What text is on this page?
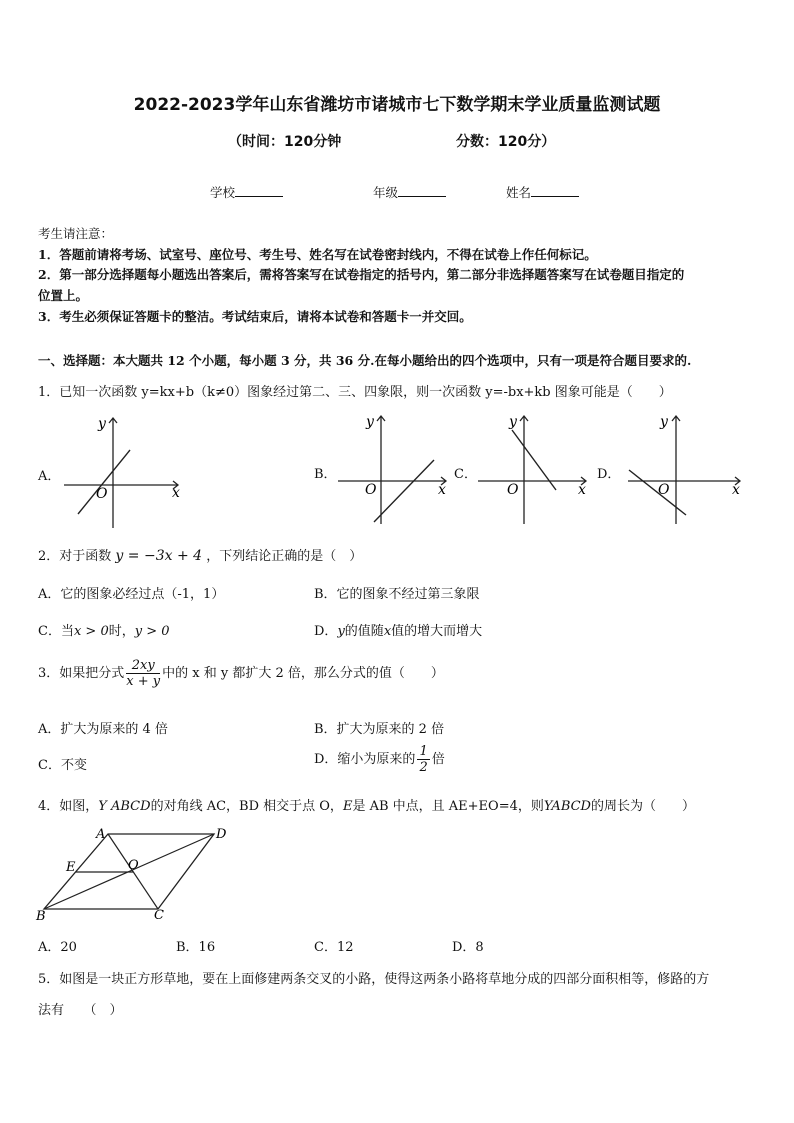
2022-2023学年山东省潍坊市诸城市七下数学期末学业质量监测试题
（时间：120分钟	分数：120分）
学校	年级	姓名
考生请注意：
1．答题前请将考场、试室号、座位号、考生号、姓名写在试卷密封线内，不得在试卷上作任何标记。
2．第一部分选择题每小题选出答案后，需将答案写在试卷指定的括号内，第二部分非选择题答案写在试卷题目指定的
位置上。
3．考生必须保证答题卡的整洁。考试结束后，请将本试卷和答题卡一并交回。
一、选择题：本大题共 12 个小题，每小题 3 分，共 36 分.在每小题给出的四个选项中，只有一项是符合题目要求的.
1．已知一次函数 y=kx+b（k≠0）图象经过第二、三、四象限，则一次函数 y=-bx+kb 图象可能是（　　）
A．	B．	C．	D．
y
x
O
y
x
O
y
x
O
y
x
O
2．对于函数 y = −3x + 4 ，下列结论正确的是（　）
A．它的图象必经过点（-1，1）	B．它的图象不经过第三象限
C．当x > 0时，y > 0	D．y的值随x值的增大而增大
3．如果把分式 $\frac{2xy}{x + y}$ 中的 x 和 y 都扩大 2 倍，那么分式的值（　　）
A．扩大为原来的 4 倍	B．扩大为原来的 2 倍
C．不变	D．缩小为原来的 $\frac{1}{2}$ 倍
4．如图，Y ABCD的对角线 AC，BD 相交于点 O，E是 AB 中点，且 AE+EO=4，则YABCD的周长为（　　）
A	D
B	C
E	O
A．20	B．16	C．12	D．8
5．如图是一块正方形草地，要在上面修建两条交叉的小路，使得这两条小路将草地分成的四部分面积相等，修路的方
法有　　（　）
